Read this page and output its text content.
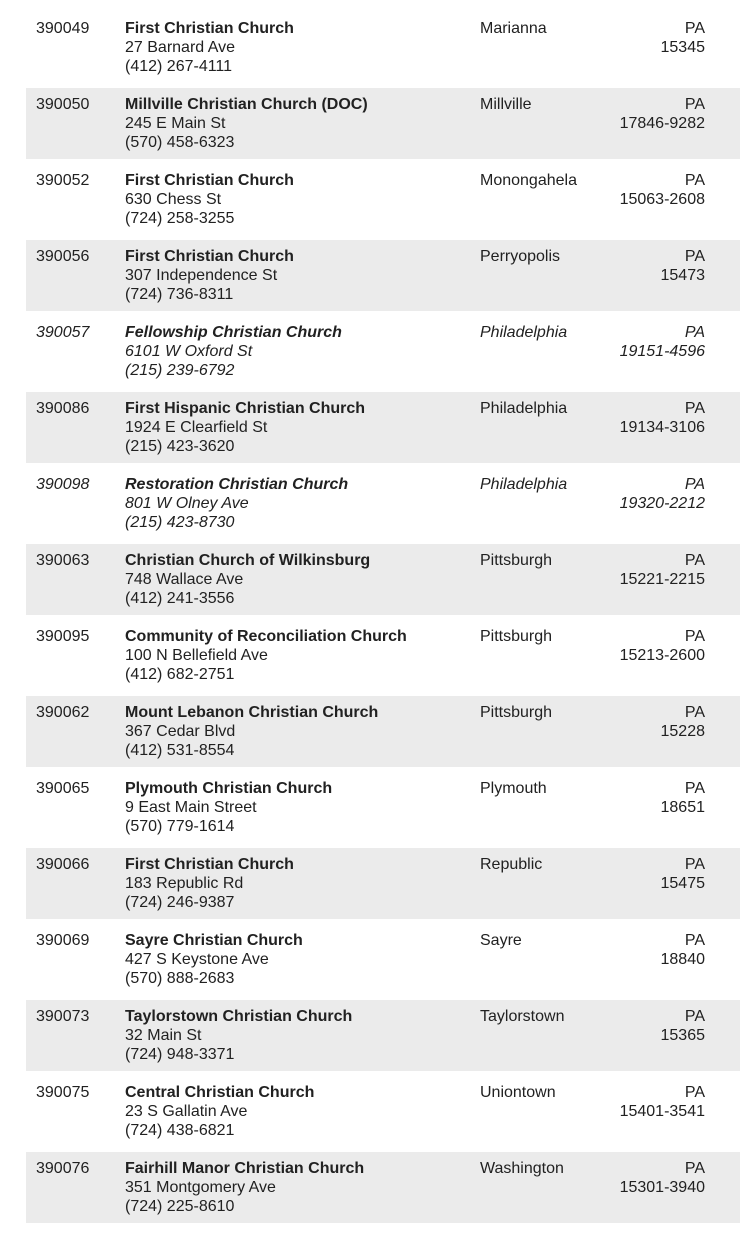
390049	First Christian Church
27 Barnard Ave
(412) 267-4111
Marianna	PA
15345
390050	Millville Christian Church (DOC)
245 E Main St
(570) 458-6323
Millville	PA
17846-9282
390052	First Christian Church
630 Chess St
(724) 258-3255
Monongahela	PA
15063-2608
390056	First Christian Church
307 Independence St
(724) 736-8311
Perryopolis	PA
15473
390057	Fellowship Christian Church
6101 W Oxford St
(215) 239-6792
Philadelphia	PA
19151-4596
390086	First Hispanic Christian Church
1924 E Clearfield St
(215) 423-3620
Philadelphia	PA
19134-3106
390098	Restoration Christian Church
801 W Olney Ave
(215) 423-8730
Philadelphia	PA
19320-2212
390063	Christian Church of Wilkinsburg
748 Wallace Ave
(412) 241-3556
Pittsburgh	PA
15221-2215
390095	Community of Reconciliation Church
100 N Bellefield Ave
(412) 682-2751
Pittsburgh	PA
15213-2600
390062	Mount Lebanon Christian Church
367 Cedar Blvd
(412) 531-8554
Pittsburgh	PA
15228
390065	Plymouth Christian Church
9 East Main Street
(570) 779-1614
Plymouth	PA
18651
390066	First Christian Church
183 Republic Rd
(724) 246-9387
Republic	PA
15475
390069	Sayre Christian Church
427 S Keystone Ave
(570) 888-2683
Sayre	PA
18840
390073	Taylorstown Christian Church
32 Main St
(724) 948-3371
Taylorstown	PA
15365
390075	Central Christian Church
23 S Gallatin Ave
(724) 438-6821
Uniontown	PA
15401-3541
390076	Fairhill Manor Christian Church
351 Montgomery Ave
(724) 225-8610
Washington	PA
15301-3940
